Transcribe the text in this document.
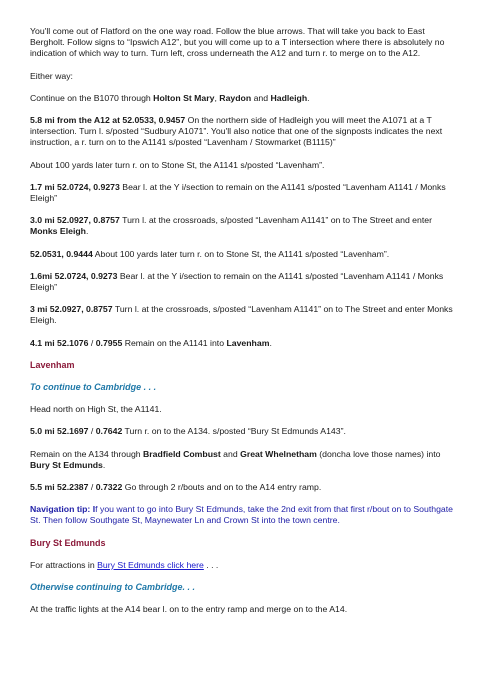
You'll come out of Flatford on the one way road. Follow the blue arrows. That will take you back to East Bergholt. Follow signs to “Ipswich A12”, but you will come up to a T intersection where there is absolutely no indication of which way to turn. Turn left, cross underneath the A12 and turn r. to merge on to the A12.

Either way:

Continue on the B1070 through Holton St Mary, Raydon and Hadleigh.

5.8 mi from the A12 at 52.0533, 0.9457 On the northern side of Hadleigh you will meet the A1071 at a T intersection. Turn l. s/posted “Sudbury A1071”. You'll also notice that one of the signposts indicates the next instruction, a r. turn on to the A1141 s/posted “Lavenham / Stowmarket (B1115)”

About 100 yards later turn r. on to Stone St, the A1141 s/posted “Lavenham”.

1.7 mi 52.0724, 0.9273 Bear l. at the Y i/section to remain on the A1141 s/posted “Lavenham A1141 / Monks Eleigh”

3.0 mi 52.0927, 0.8757 Turn l. at the crossroads, s/posted “Lavenham A1141” on to The Street and enter Monks Eleigh.

52.0531, 0.9444 About 100 yards later turn r. on to Stone St, the A1141 s/posted “Lavenham”.

1.6mi 52.0724, 0.9273 Bear l. at the Y i/section to remain on the A1141 s/posted “Lavenham A1141 / Monks Eleigh”

3 mi 52.0927, 0.8757 Turn l. at the crossroads, s/posted “Lavenham A1141” on to The Street and enter Monks Eleigh.

4.1 mi 52.1076 / 0.7955 Remain on the A1141 into Lavenham.

Lavenham

To continue to Cambridge . . .

Head north on High St, the A1141.

5.0 mi 52.1697 / 0.7642 Turn r. on to the A134. s/posted “Bury St Edmunds A143”.

Remain on the A134 through Bradfield Combust and Great Whelnetham (doncha love those names) into Bury St Edmunds.

5.5 mi 52.2387 / 0.7322 Go through 2 r/bouts and on to the A14 entry ramp.

Navigation tip: If you want to go into Bury St Edmunds, take the 2nd exit from that first r/bout on to Southgate St. Then follow Southgate St, Maynewater Ln and Crown St into the town centre.

Bury St Edmunds

For attractions in Bury St Edmunds click here . . .

Otherwise continuing to Cambridge. . .

At the traffic lights at the A14 bear l. on to the entry ramp and merge on to the A14.
